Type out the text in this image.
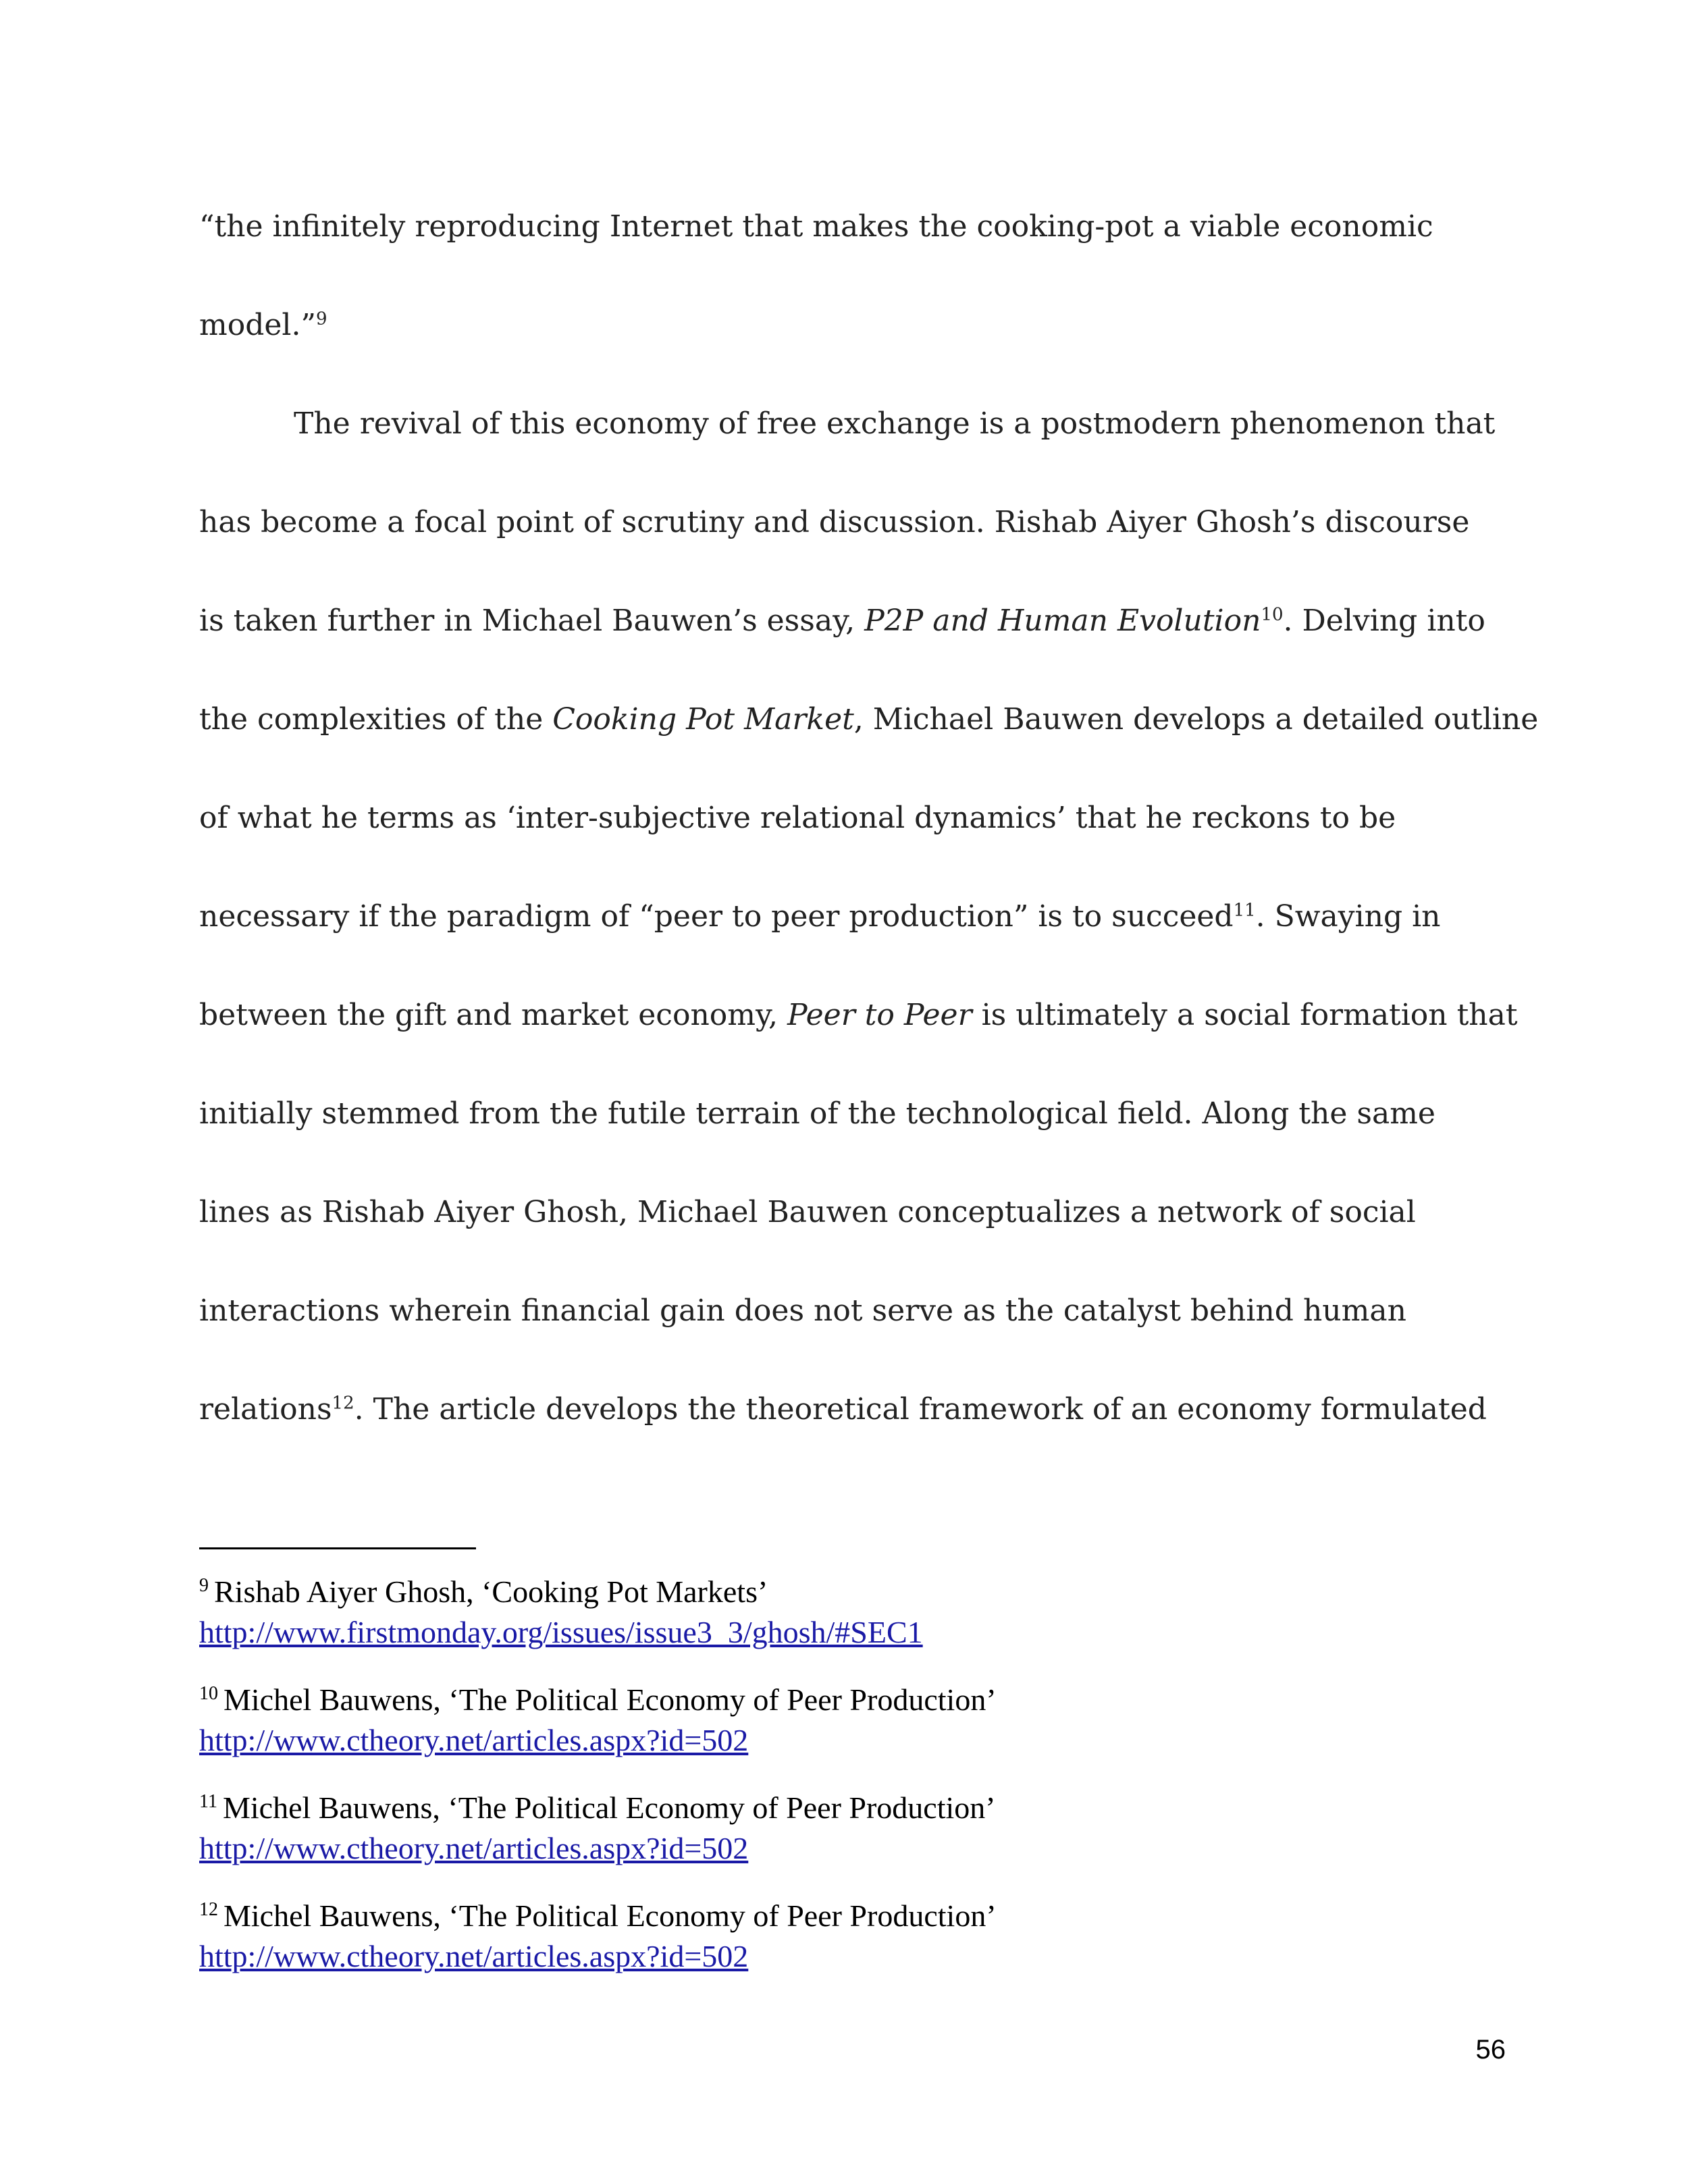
“the infinitely reproducing Internet that makes the cooking-pot a viable economic
model.”$^9$
The revival of this economy of free exchange is a postmodern phenomenon that
has become a focal point of scrutiny and discussion. Rishab Aiyer Ghosh’s discourse
is taken further in Michael Bauwen’s essay, P2P and Human Evolution$^{10}$. Delving into
the complexities of the Cooking Pot Market, Michael Bauwen develops a detailed outline
of what he terms as ‘inter-subjective relational dynamics’ that he reckons to be
necessary if the paradigm of “peer to peer production” is to succeed$^{11}$. Swaying in
between the gift and market economy, Peer to Peer is ultimately a social formation that
initially stemmed from the futile terrain of the technological field. Along the same
lines as Rishab Aiyer Ghosh, Michael Bauwen conceptualizes a network of social
interactions wherein financial gain does not serve as the catalyst behind human
relations$^{12}$. The article develops the theoretical framework of an economy formulated
$^9$ Rishab Aiyer Ghosh, ‘Cooking Pot Markets’
http://www.firstmonday.org/issues/issue3_3/ghosh/#SEC1
$^{10}$ Michel Bauwens, ‘The Political Economy of Peer Production’
http://www.ctheory.net/articles.aspx?id=502
$^{11}$ Michel Bauwens, ‘The Political Economy of Peer Production’
http://www.ctheory.net/articles.aspx?id=502
$^{12}$ Michel Bauwens, ‘The Political Economy of Peer Production’
http://www.ctheory.net/articles.aspx?id=502
56
